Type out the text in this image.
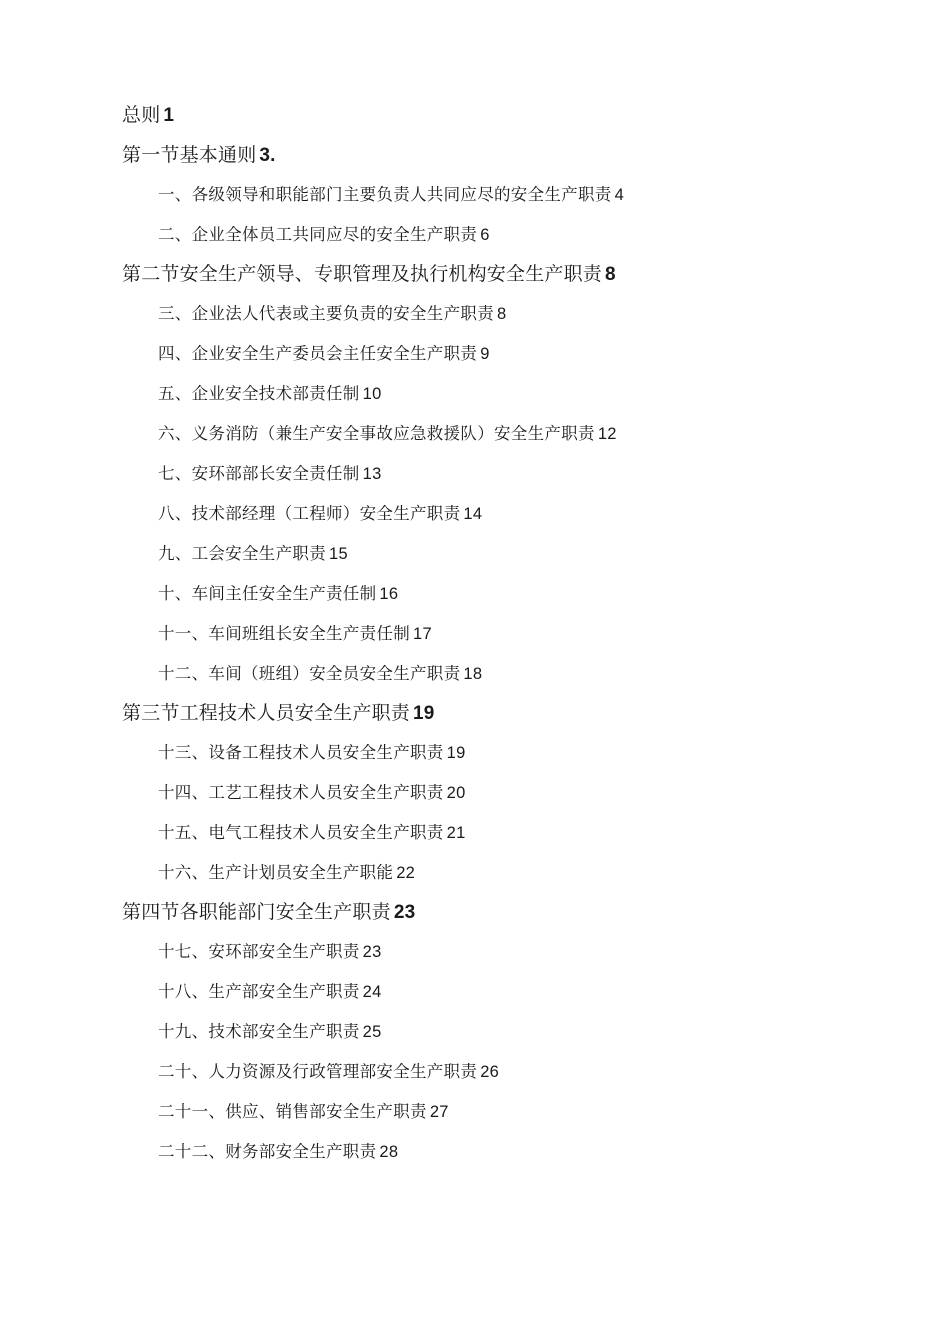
总则 1
第一节基本通则 3.
一、各级领导和职能部门主要负责人共同应尽的安全生产职责 4
二、企业全体员工共同应尽的安全生产职责 6
第二节安全生产领导、专职管理及执行机构安全生产职责 8
三、企业法人代表或主要负责的安全生产职责 8
四、企业安全生产委员会主任安全生产职责 9
五、企业安全技术部责任制 10
六、义务消防（兼生产安全事故应急救援队）安全生产职责 12
七、安环部部长安全责任制 13
八、技术部经理（工程师）安全生产职责 14
九、工会安全生产职责 15
十、车间主任安全生产责任制 16
十一、车间班组长安全生产责任制 17
十二、车间（班组）安全员安全生产职责 18
第三节工程技术人员安全生产职责 19
十三、设备工程技术人员安全生产职责 19
十四、工艺工程技术人员安全生产职责 20
十五、电气工程技术人员安全生产职责 21
十六、生产计划员安全生产职能 22
第四节各职能部门安全生产职责 23
十七、安环部安全生产职责 23
十八、生产部安全生产职责 24
十九、技术部安全生产职责 25
二十、人力资源及行政管理部安全生产职责 26
二十一、供应、销售部安全生产职责 27
二十二、财务部安全生产职责 28
